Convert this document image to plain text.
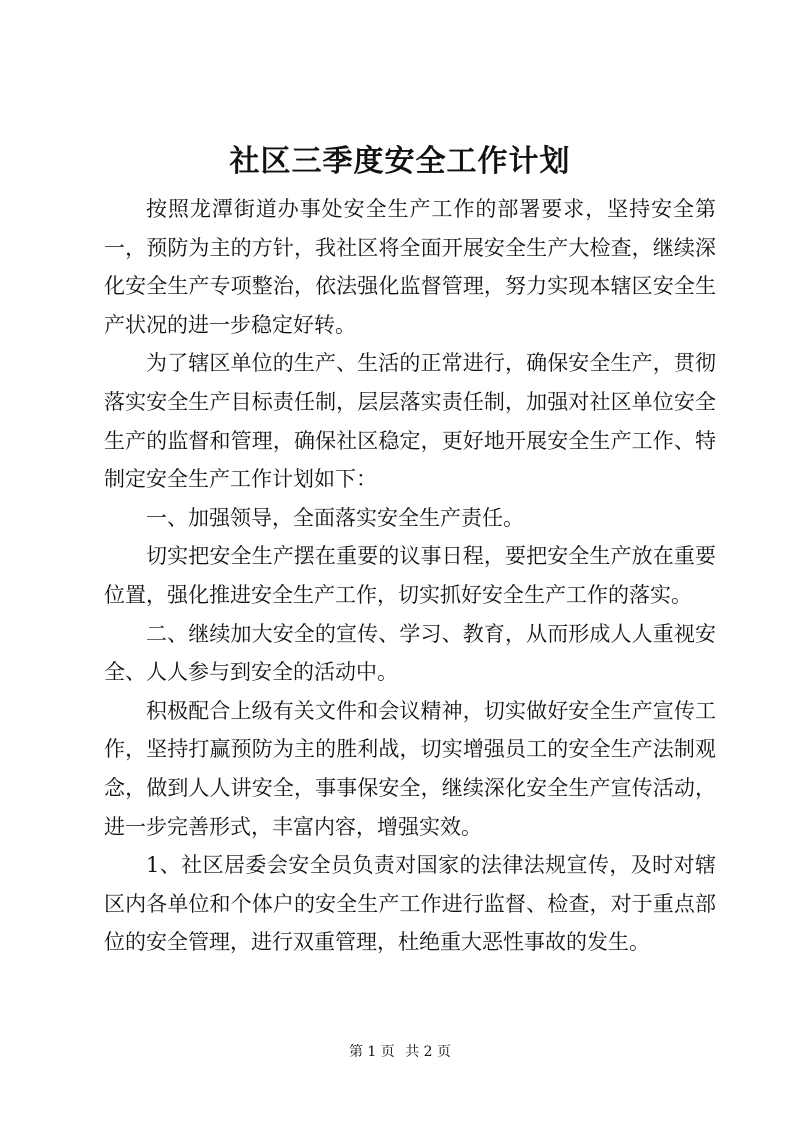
社区三季度安全工作计划

按照龙潭街道办事处安全生产工作的部署要求，坚持安全第一，预防为主的方针，我社区将全面开展安全生产大检查，继续深化安全生产专项整治，依法强化监督管理，努力实现本辖区安全生产状况的进一步稳定好转。

为了辖区单位的生产、生活的正常进行，确保安全生产，贯彻落实安全生产目标责任制，层层落实责任制，加强对社区单位安全生产的监督和管理，确保社区稳定，更好地开展安全生产工作、特制定安全生产工作计划如下：

一、加强领导，全面落实安全生产责任。

切实把安全生产摆在重要的议事日程，要把安全生产放在重要位置，强化推进安全生产工作，切实抓好安全生产工作的落实。

二、继续加大安全的宣传、学习、教育，从而形成人人重视安全、人人参与到安全的活动中。

积极配合上级有关文件和会议精神，切实做好安全生产宣传工作，坚持打赢预防为主的胜利战，切实增强员工的安全生产法制观念，做到人人讲安全，事事保安全，继续深化安全生产宣传活动，进一步完善形式，丰富内容，增强实效。

1、社区居委会安全员负责对国家的法律法规宣传，及时对辖区内各单位和个体户的安全生产工作进行监督、检查，对于重点部位的安全管理，进行双重管理，杜绝重大恶性事故的发生。

第 1 页 共 2 页
